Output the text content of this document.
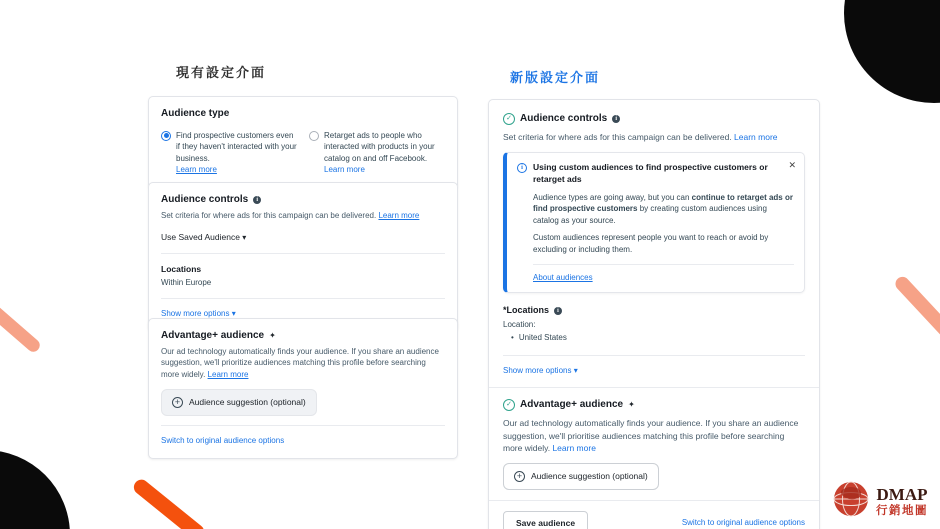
現有設定介面	新版設定介面
Audience type
Find prospective customers even if they haven't interacted with your business.
Learn more
Retarget ads to people who interacted with products in your catalog on and off Facebook.
Learn more
Audience controls	i
Set criteria for where ads for this campaign can be delivered. Learn more
Use Saved Audience ▾
Locations
Within Europe
Show more options ▾
Advantage+ audience ✦
Our ad technology automatically finds your audience. If you share an audience suggestion, we'll prioritize audiences matching this profile before searching more widely. Learn more
+	Audience suggestion (optional)
Switch to original audience options
✓ Audience controls	i
Set criteria for where ads for this campaign can be delivered. Learn more
i	Using custom audiences to find prospective customers or retarget ads
✕

Audience types are going away, but you can continue to retarget ads or find prospective customers by creating custom audiences using catalog as your source.

Custom audiences represent people you want to reach or avoid by excluding or including them.

About audiences
*Locations	i
Location:
• United States
Show more options ▾
✓ Advantage+ audience ✦
Our ad technology automatically finds your audience. If you share an audience suggestion, we'll prioritise audiences matching this profile before searching more widely. Learn more
+	Audience suggestion (optional)
Save audience	Switch to original audience options
DMAP
行銷地圖
